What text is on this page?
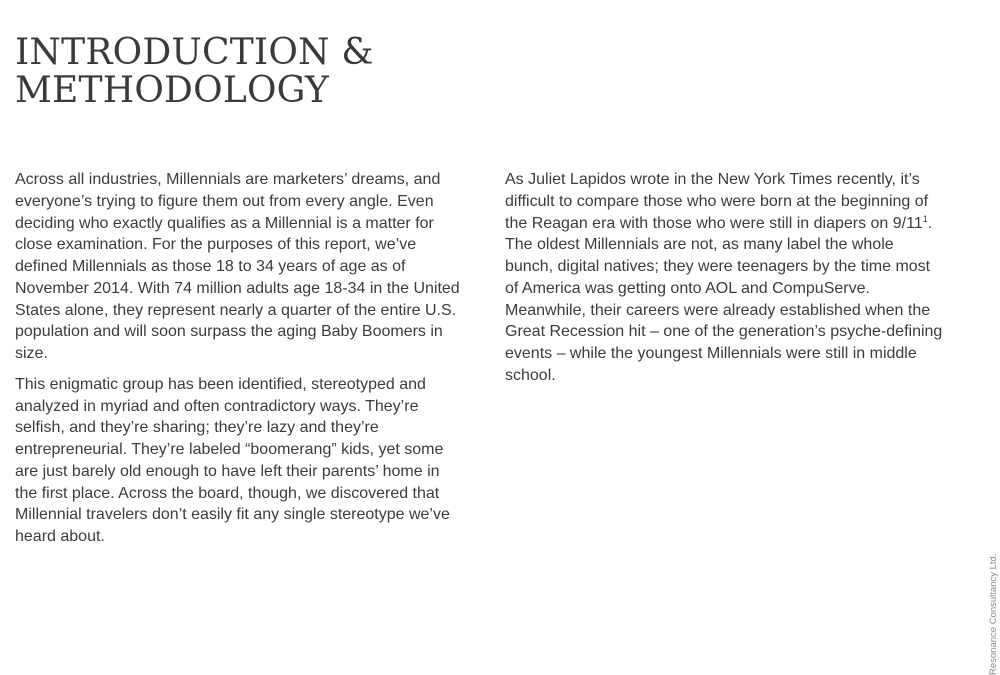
INTRODUCTION &
METHODOLOGY

Across all industries, Millennials are marketers’ dreams, and everyone’s trying to figure them out from every angle. Even deciding who exactly qualifies as a Millennial is a matter for close examination. For the purposes of this report, we’ve defined Millennials as those 18 to 34 years of age as of November 2014. With 74 million adults age 18-34 in the United States alone, they represent nearly a quarter of the entire U.S. population and will soon surpass the aging Baby Boomers in size.

This enigmatic group has been identified, stereotyped and analyzed in myriad and often contradictory ways. They’re selfish, and they’re sharing; they’re lazy and they’re entrepreneurial. They’re labeled “boomerang” kids, yet some are just barely old enough to have left their parents’ home in the first place. Across the board, though, we discovered that Millennial travelers don’t easily fit any single stereotype we’ve heard about.

As Juliet Lapidos wrote in the New York Times recently, it’s difficult to compare those who were born at the beginning of the Reagan era with those who were still in diapers on 9/11$^1$. The oldest Millennials are not, as many label the whole bunch, digital natives; they were teenagers by the time most of America was getting onto AOL and CompuServe. Meanwhile, their careers were already established when the Great Recession hit – one of the generation’s psyche-defining events – while the youngest Millennials were still in middle school.

Resonance Consultancy Ltd.
